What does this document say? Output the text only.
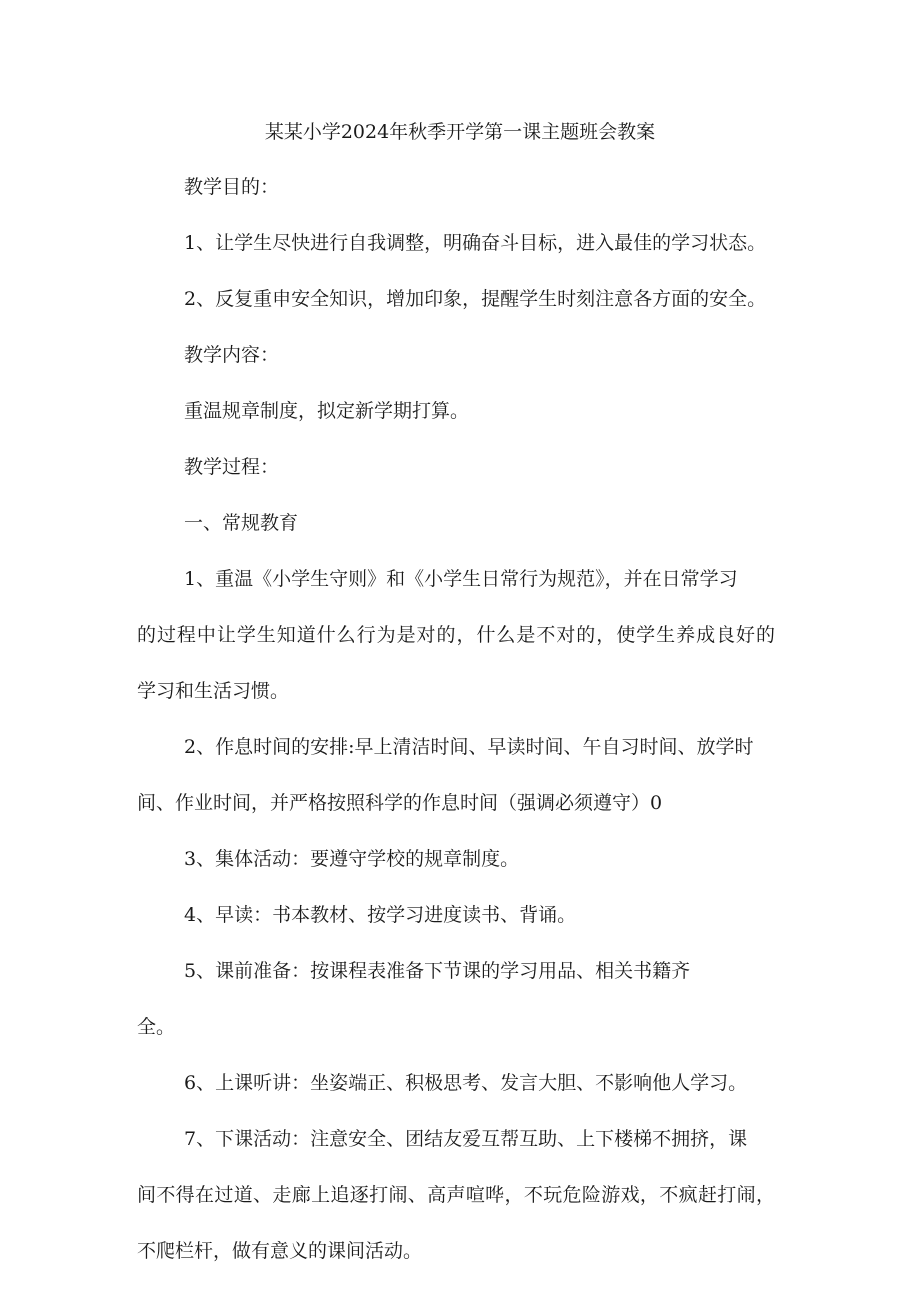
某某小学2024年秋季开学第一课主题班会教案
教学目的：
1、让学生尽快进行自我调整，明确奋斗目标，进入最佳的学习状态。
2、反复重申安全知识，增加印象，提醒学生时刻注意各方面的安全。
教学内容：
重温规章制度，拟定新学期打算。
教学过程：
一、常规教育
1、重温《小学生守则》和《小学生日常行为规范》，并在日常学习
的过程中让学生知道什么行为是对的，什么是不对的，使学生养成良好的
学习和生活习惯。
2、作息时间的安排:早上清洁时间、早读时间、午自习时间、放学时
间、作业时间，并严格按照科学的作息时间（强调必须遵守）0
3、集体活动：要遵守学校的规章制度。
4、早读：书本教材、按学习进度读书、背诵。
5、课前准备：按课程表准备下节课的学习用品、相关书籍齐
全。
6、上课听讲：坐姿端正、积极思考、发言大胆、不影响他人学习。
7、下课活动：注意安全、团结友爱互帮互助、上下楼梯不拥挤，课
间不得在过道、走廊上追逐打闹、高声喧哗，不玩危险游戏，不疯赶打闹，
不爬栏杆，做有意义的课间活动。
